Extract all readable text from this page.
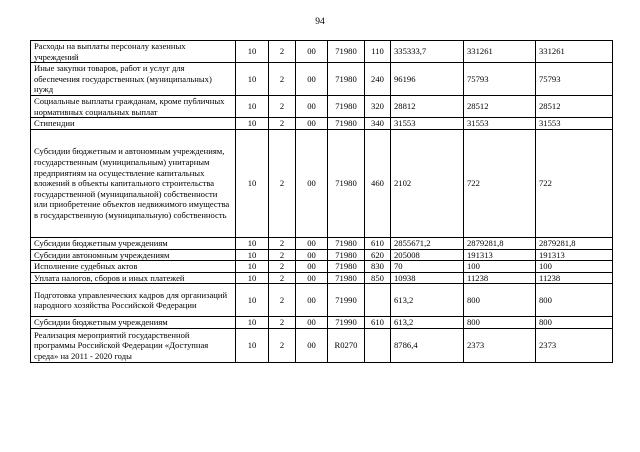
94
Расходы на выплаты персоналу казенных учреждений	10	2	00	71980	110	335333,7	331261	331261
Иные закупки товаров, работ и услуг для обеспечения государственных (муниципальных) нужд	10	2	00	71980	240	96196	75793	75793
Социальные выплаты гражданам, кроме публичных нормативных социальных выплат	10	2	00	71980	320	28812	28512	28512
Стипендии	10	2	00	71980	340	31553	31553	31553
Субсидии бюджетным и автономным учреждениям, государственным (муниципальным) унитарным предприятиям на осуществление капитальных вложений в объекты капитального строительства государственной (муниципальной) собственности или приобретение объектов недвижимого имущества в государственную (муниципальную) собственность	10	2	00	71980	460	2102	722	722
Субсидии бюджетным учреждениям	10	2	00	71980	610	2855671,2	2879281,8	2879281,8
Субсидии автономным учреждениям	10	2	00	71980	620	205008	191313	191313
Исполнение судебных актов	10	2	00	71980	830	70	100	100
Уплата налогов, сборов и иных платежей	10	2	00	71980	850	10938	11238	11238
Подготовка управленческих кадров для организаций народного хозяйства Российской Федерации	10	2	00	71990		613,2	800	800
Субсидии бюджетным учреждениям	10	2	00	71990	610	613,2	800	800
Реализация мероприятий государственной программы Российской Федерации «Доступная среда» на 2011 - 2020 годы	10	2	00	R0270		8786,4	2373	2373
